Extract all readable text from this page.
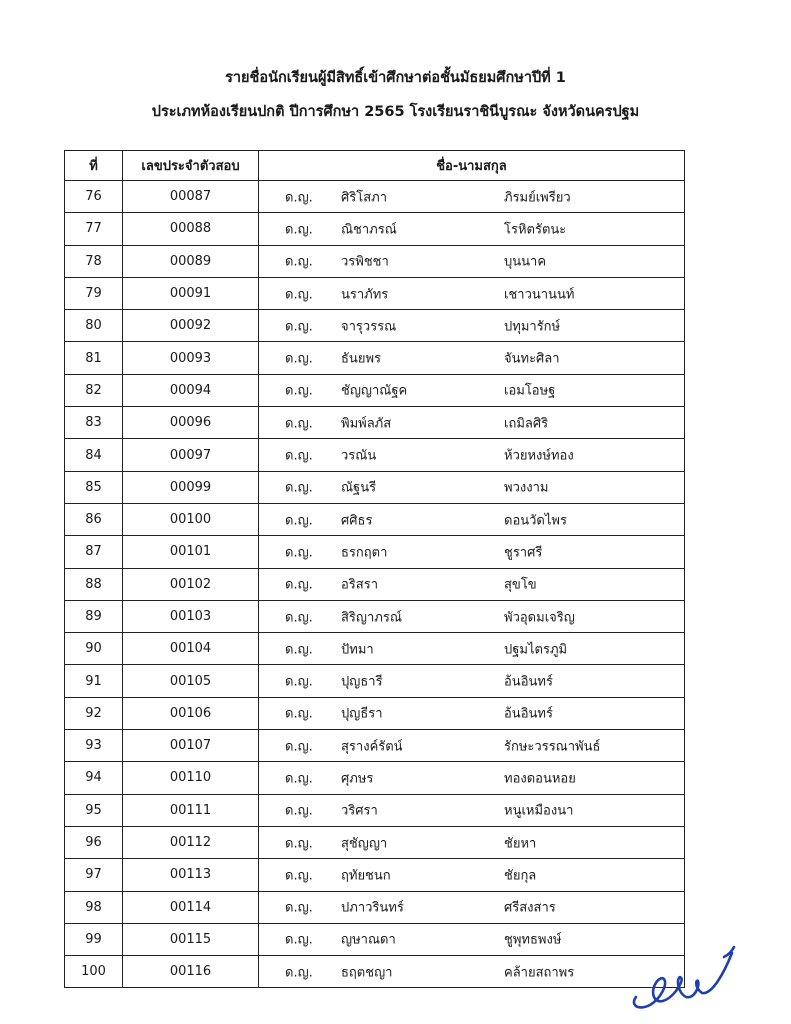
รายชื่อนักเรียนผู้มีสิทธิ์เข้าศึกษาต่อชั้นมัธยมศึกษาปีที่ 1
ประเภทห้องเรียนปกติ ปีการศึกษา 2565 โรงเรียนราชินีบูรณะ จังหวัดนครปฐม
ที่	เลขประจำตัวสอบ	ชื่อ-นามสกุล
76	00087	ด.ญ. ศิริโสภา ภิรมย์เพรียว

77	00088	ด.ญ. ณิชาภรณ์ โรหิตรัตนะ

78	00089	ด.ญ. วรพิชชา บุนนาค

79	00091	ด.ญ. นราภัทร เชาวนานนท์

80	00092	ด.ญ. จารุวรรณ ปทุมารักษ์

81	00093	ด.ญ. ธันยพร จันทะศิลา

82	00094	ด.ญ. ชัญญาณัฐค เอมโอษฐ

83	00096	ด.ญ. พิมพ์ลภัส เถมิลศิริ

84	00097	ด.ญ. วรณัน ห้วยหงษ์ทอง

85	00099	ด.ญ. ณัฐนรี พวงงาม

86	00100	ด.ญ. ศศิธร ดอนวัดไพร

87	00101	ด.ญ. ธรกฤตา ชูราศรี

88	00102	ด.ญ. อริสรา สุขโข

89	00103	ด.ญ. สิริญาภรณ์ พัวอุดมเจริญ

90	00104	ด.ญ. ปัทมา ปฐมไตรภูมิ

91	00105	ด.ญ. ปุญธารี อ้นอินทร์

92	00106	ด.ญ. ปุญธีรา อ้นอินทร์

93	00107	ด.ญ. สุรางค์รัตน์ รักษะวรรณาพันธ์

94	00110	ด.ญ. ศุภษร ทองดอนหอย

95	00111	ด.ญ. วริศรา หนูเหมืองนา

96	00112	ด.ญ. สุชัญญา ชัยหา

97	00113	ด.ญ. ฤทัยชนก ชัยกุล

98	00114	ด.ญ. ปภาวรินทร์ ศรีสงสาร

99	00115	ด.ญ. ญษาณดา ชูพุทธพงษ์

100	00116	ด.ญ. ธฤตชญา คล้ายสถาพร
